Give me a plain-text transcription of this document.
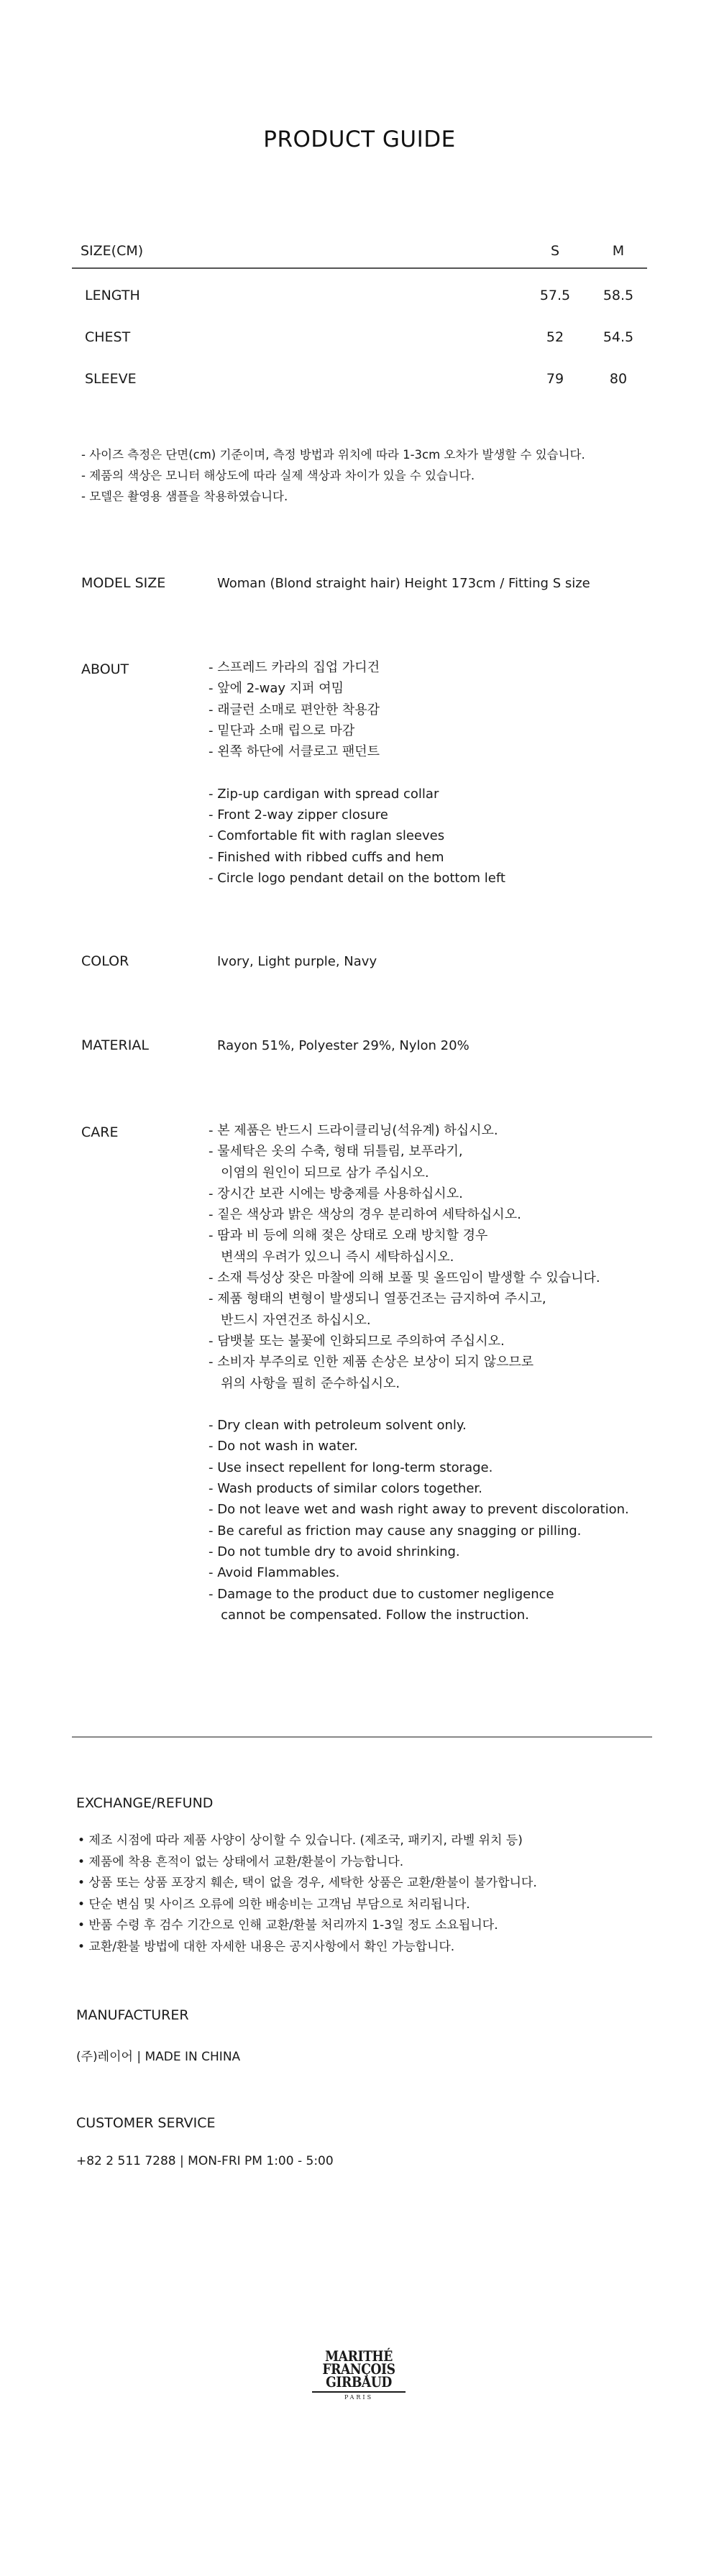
PRODUCT GUIDE
SIZE(CM)	S	M
LENGTH	57.5	58.5
CHEST	52	54.5
SLEEVE	79	80
- 사이즈 측정은 단면(cm) 기준이며, 측정 방법과 위치에 따라 1-3cm 오차가 발생할 수 있습니다.
- 제품의 색상은 모니터 해상도에 따라 실제 색상과 차이가 있을 수 있습니다.
- 모델은 촬영용 샘플을 착용하였습니다.
MODEL SIZE	Woman (Blond straight hair) Height 173cm / Fitting S size
ABOUT	- 스프레드 카라의 집업 가디건
- 앞에 2-way 지퍼 여밈
- 래글런 소매로 편안한 착용감
- 밑단과 소매 립으로 마감
- 왼쪽 하단에 서클로고 팬던트
- Zip-up cardigan with spread collar
- Front 2-way zipper closure
- Comfortable fit with raglan sleeves
- Finished with ribbed cuffs and hem
- Circle logo pendant detail on the bottom left
COLOR	Ivory, Light purple, Navy
MATERIAL	Rayon 51%, Polyester 29%, Nylon 20%
CARE	- 본 제품은 반드시 드라이클리닝(석유계) 하십시오.
- 물세탁은 옷의 수축, 형태 뒤틀림, 보푸라기,
이염의 원인이 되므로 삼가 주십시오.
- 장시간 보관 시에는 방충제를 사용하십시오.
- 짙은 색상과 밝은 색상의 경우 분리하여 세탁하십시오.
- 땀과 비 등에 의해 젖은 상태로 오래 방치할 경우
변색의 우려가 있으니 즉시 세탁하십시오.
- 소재 특성상 잦은 마찰에 의해 보풀 및 올뜨임이 발생할 수 있습니다.
- 제품 형태의 변형이 발생되니 열풍건조는 금지하여 주시고,
반드시 자연건조 하십시오.
- 담뱃불 또는 불꽃에 인화되므로 주의하여 주십시오.
- 소비자 부주의로 인한 제품 손상은 보상이 되지 않으므로
위의 사항을 필히 준수하십시오.
- Dry clean with petroleum solvent only.
- Do not wash in water.
- Use insect repellent for long-term storage.
- Wash products of similar colors together.
- Do not leave wet and wash right away to prevent discoloration.
- Be careful as friction may cause any snagging or pilling.
- Do not tumble dry to avoid shrinking.
- Avoid Flammables.
- Damage to the product due to customer negligence
cannot be compensated. Follow the instruction.
EXCHANGE/REFUND
• 제조 시점에 따라 제품 사양이 상이할 수 있습니다. (제조국, 패키지, 라벨 위치 등)
• 제품에 착용 흔적이 없는 상태에서 교환/환불이 가능합니다.
• 상품 또는 상품 포장지 훼손, 택이 없을 경우, 세탁한 상품은 교환/환불이 불가합니다.
• 단순 변심 및 사이즈 오류에 의한 배송비는 고객님 부담으로 처리됩니다.
• 반품 수령 후 검수 기간으로 인해 교환/환불 처리까지 1-3일 정도 소요됩니다.
• 교환/환불 방법에 대한 자세한 내용은 공지사항에서 확인 가능합니다.
MANUFACTURER
(주)레이어 | MADE IN CHINA
CUSTOMER SERVICE
+82 2 511 7288 | MON-FRI PM 1:00 - 5:00
MARITHÉ
FRANÇOIS
GIRBAUD
PARIS
